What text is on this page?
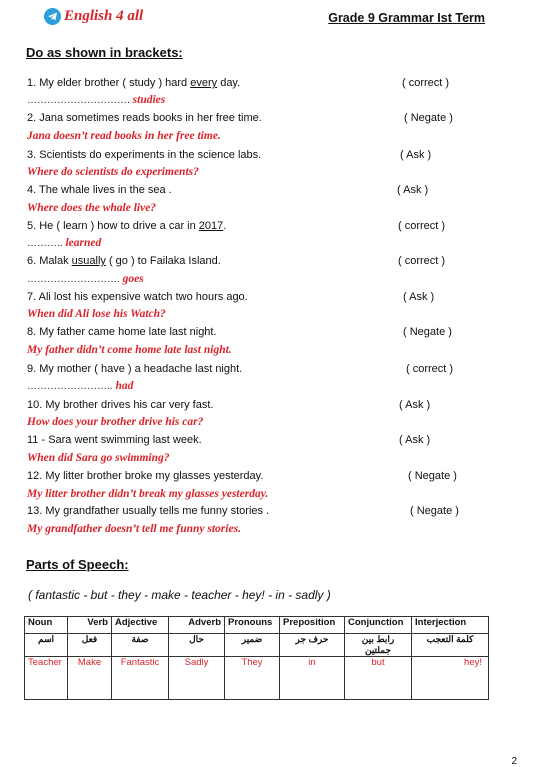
English 4 all	Grade 9 Grammar Ist Term
Do as shown in brackets:
1. My elder brother ( study ) hard every day.	( correct )
…………………………. studies
2. Jana sometimes reads books in her free time.	( Negate )
Jana doesn’t read books in her free time.
3. Scientists do experiments in the science labs.	( Ask )
Where do scientists do experiments?
4. The whale lives in the sea .	( Ask )
Where does the whale live?
5. He ( learn ) how to drive a car in 2017.	( correct )
……….. learned
6. Malak usually ( go ) to Failaka Island.	( correct )
………………………. goes
7. Ali lost his expensive watch two hours ago.	( Ask )
When did Ali lose his Watch?
8. My father came home late last night.	( Negate )
My father didn’t come home late last night.
9. My mother ( have ) a headache last night.	( correct )
…………………….. had
10. My brother drives his car very fast.	( Ask )
How does your brother drive his car?
11 - Sara went swimming last week.	( Ask )
When did Sara go swimming?
12. My litter brother broke my glasses yesterday.	( Negate )
My litter brother didn’t break my glasses yesterday.
13. My grandfather usually tells me funny stories .	( Negate )
My grandfather doesn’t tell me funny stories.
Parts of Speech:
( fantastic - but - they - make - teacher - hey! - in - sadly )
Noun	Verb	Adjective	Adverb	Pronouns	Preposition	Conjunction	Interjection
اسم	فعل	صفة	حال	ضمير	حرف جر	رابط بين جملتين	كلمة التعجب
Teacher	Make	Fantastic	Sadly	They	in	but	hey!
2
